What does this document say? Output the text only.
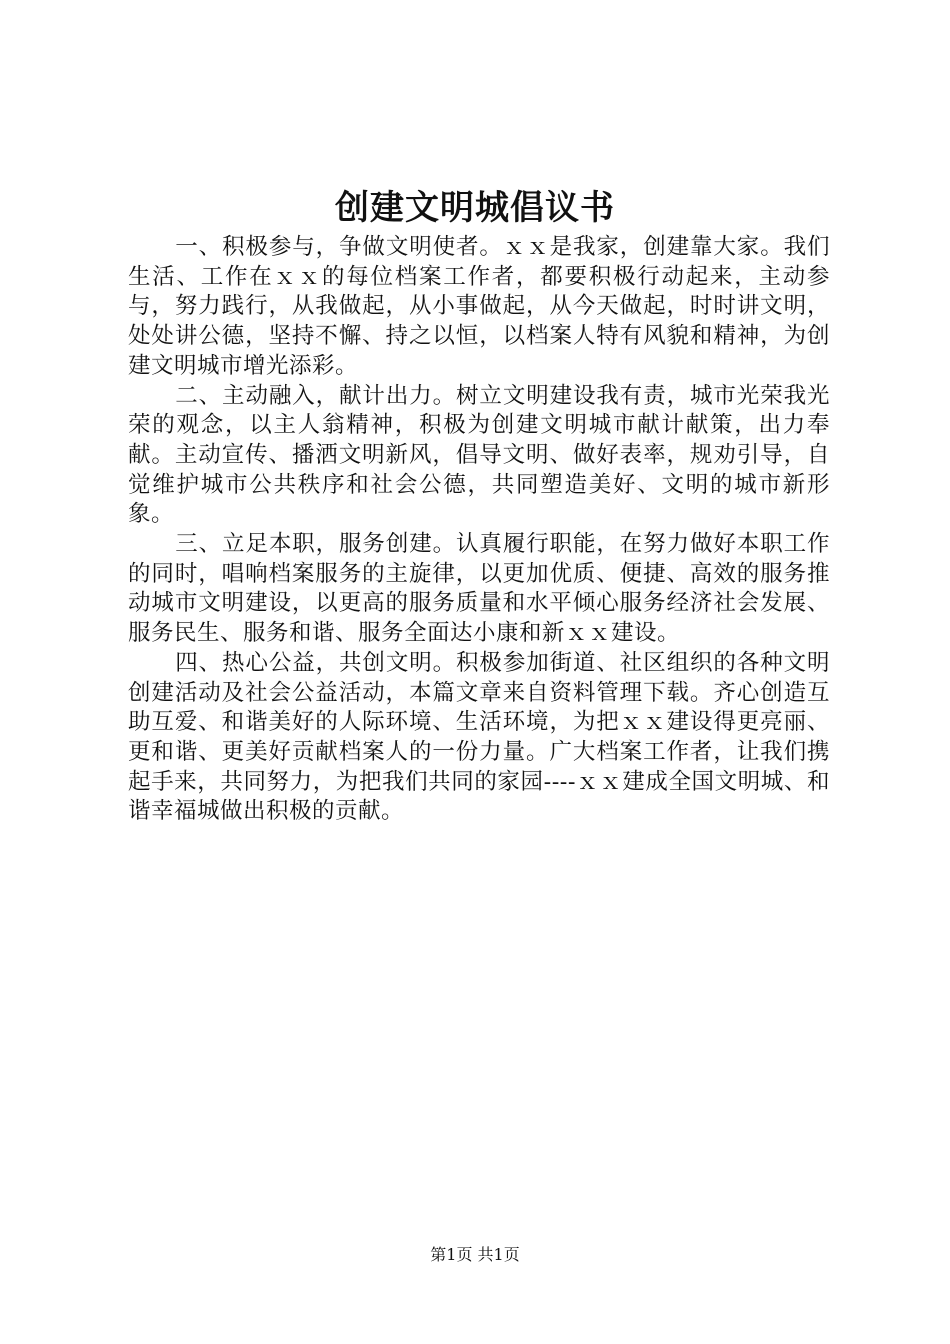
创建文明城倡议书

一、积极参与，争做文明使者。ｘｘ是我家，创建靠大家。我们生活、工作在ｘｘ的每位档案工作者，都要积极行动起来，主动参与，努力践行，从我做起，从小事做起，从今天做起，时时讲文明，处处讲公德，坚持不懈、持之以恒，以档案人特有风貌和精神，为创建文明城市增光添彩。

二、主动融入，献计出力。树立文明建设我有责，城市光荣我光荣的观念，以主人翁精神，积极为创建文明城市献计献策，出力奉献。主动宣传、播洒文明新风，倡导文明、做好表率，规劝引导，自觉维护城市公共秩序和社会公德，共同塑造美好、文明的城市新形象。

三、立足本职，服务创建。认真履行职能，在努力做好本职工作的同时，唱响档案服务的主旋律，以更加优质、便捷、高效的服务推动城市文明建设，以更高的服务质量和水平倾心服务经济社会发展、服务民生、服务和谐、服务全面达小康和新ｘｘ建设。

四、热心公益，共创文明。积极参加街道、社区组织的各种文明创建活动及社会公益活动，本篇文章来自资料管理下载。齐心创造互助互爱、和谐美好的人际环境、生活环境，为把ｘｘ建设得更亮丽、更和谐、更美好贡献档案人的一份力量。广大档案工作者，让我们携起手来，共同努力，为把我们共同的家园----ｘｘ建成全国文明城、和谐幸福城做出积极的贡献。

第1页 共1页
